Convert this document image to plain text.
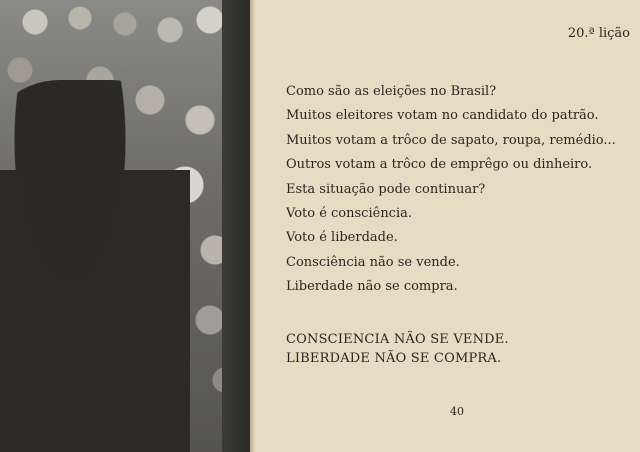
20.ª lição
Como são as eleições no Brasil?
Muitos eleitores votam no candidato do patrão.
Muitos votam a trôco de sapato, roupa, remédio...
Outros votam a trôco de emprêgo ou dinheiro.
Esta situação pode continuar?
Voto é consciência.
Voto é liberdade.
Consciência não se vende.
Liberdade não se compra.
CONSCIENCIA NÃO SE VENDE.
LIBERDADE NÃO SE COMPRA.
40
